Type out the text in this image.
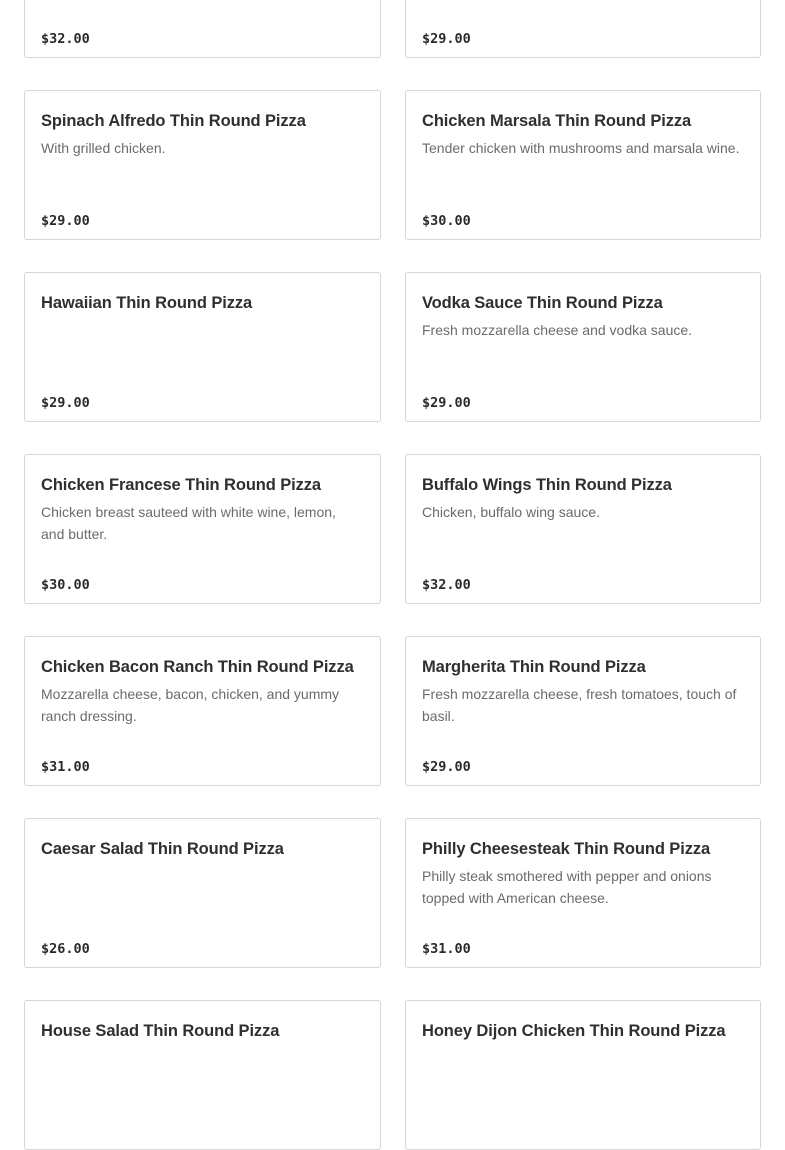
$32.00	$29.00
Spinach Alfredo Thin Round Pizza
With grilled chicken.
$29.00
Chicken Marsala Thin Round Pizza
Tender chicken with mushrooms and marsala wine.
$30.00
Hawaiian Thin Round Pizza
$29.00
Vodka Sauce Thin Round Pizza
Fresh mozzarella cheese and vodka sauce.
$29.00
Chicken Francese Thin Round Pizza
Chicken breast sauteed with white wine, lemon, and butter.
$30.00
Buffalo Wings Thin Round Pizza
Chicken, buffalo wing sauce.
$32.00
Chicken Bacon Ranch Thin Round Pizza
Mozzarella cheese, bacon, chicken, and yummy ranch dressing.
$31.00
Margherita Thin Round Pizza
Fresh mozzarella cheese, fresh tomatoes, touch of basil.
$29.00
Caesar Salad Thin Round Pizza
$26.00
Philly Cheesesteak Thin Round Pizza
Philly steak smothered with pepper and onions topped with American cheese.
$31.00
House Salad Thin Round Pizza	Honey Dijon Chicken Thin Round Pizza
